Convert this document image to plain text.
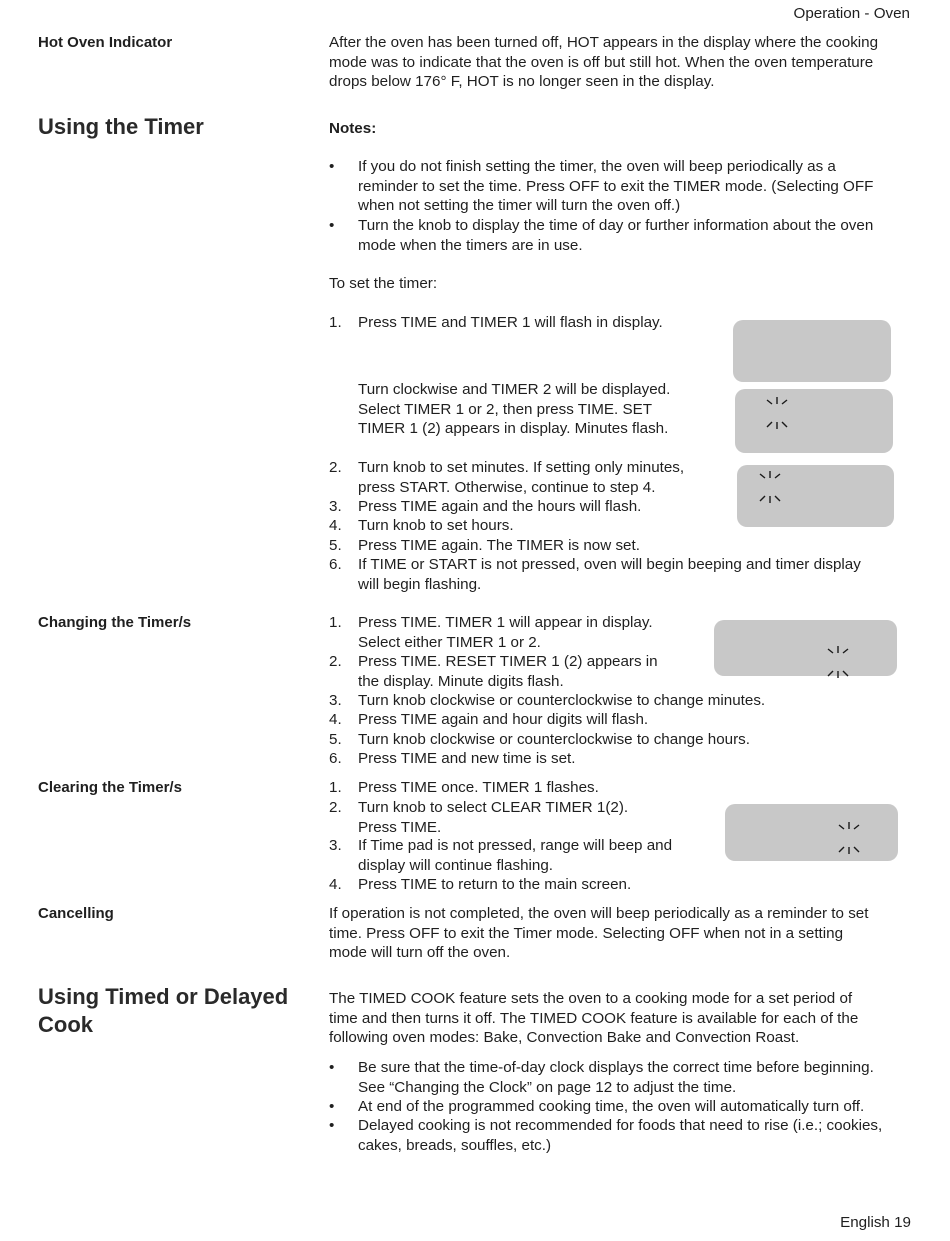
Operation - Oven
English 19
Hot Oven Indicator	After the oven has been turned off, HOT appears in the display where the cooking
mode was to indicate that the oven is off but still hot. When the oven temperature
drops below 176° F, HOT is no longer seen in the display.
Using the Timer	Notes:
• If you do not finish setting the timer, the oven will beep periodically as a
reminder to set the time. Press OFF to exit the TIMER mode. (Selecting OFF
when not setting the timer will turn the oven off.)
• Turn the knob to display the time of day or further information about the oven
mode when the timers are in use.
To set the timer:
1. Press TIME and TIMER 1 will flash in display.
Turn clockwise and TIMER 2 will be displayed.
Select TIMER 1 or 2, then press TIME. SET
TIMER 1 (2) appears in display. Minutes flash.
2. Turn knob to set minutes. If setting only minutes,
press START. Otherwise, continue to step 4.
3. Press TIME again and the hours will flash.
4. Turn knob to set hours.
5. Press TIME again. The TIMER is now set.
6. If TIME or START is not pressed, oven will begin beeping and timer display
will begin flashing.
Changing the Timer/s	1. Press TIME. TIMER 1 will appear in display.
Select either TIMER 1 or 2.
2. Press TIME. RESET TIMER 1 (2) appears in
the display. Minute digits flash.
3. Turn knob clockwise or counterclockwise to change minutes.
4. Press TIME again and hour digits will flash.
5. Turn knob clockwise or counterclockwise to change hours.
6. Press TIME and new time is set.
Clearing the Timer/s	1. Press TIME once. TIMER 1 flashes.
2. Turn knob to select CLEAR TIMER 1(2).
Press TIME.
3. If Time pad is not pressed, range will beep and
display will continue flashing.
4. Press TIME to return to the main screen.
Cancelling	If operation is not completed, the oven will beep periodically as a reminder to set
time. Press OFF to exit the Timer mode. Selecting OFF when not in a setting
mode will turn off the oven.
Using Timed or Delayed
Cook
The TIMED COOK feature sets the oven to a cooking mode for a set period of
time and then turns it off. The TIMED COOK feature is available for each of the
following oven modes: Bake, Convection Bake and Convection Roast.
• Be sure that the time-of-day clock displays the correct time before beginning.
See “Changing the Clock” on page 12 to adjust the time.
• At end of the programmed cooking time, the oven will automatically turn off.
• Delayed cooking is not recommended for foods that need to rise (i.e.; cookies,
cakes, breads, souffles, etc.)
